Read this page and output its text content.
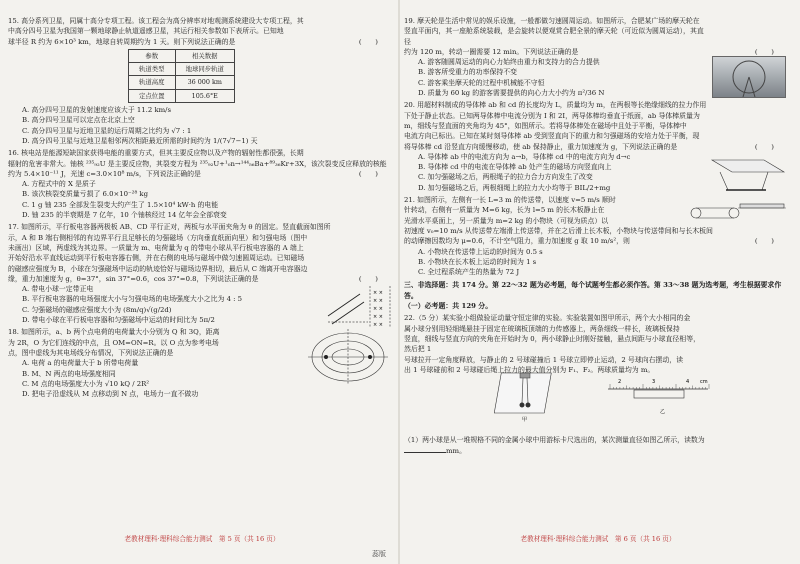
15. 高分系列卫星，同属十高分专项工程。该工程会为高分辨率对地观测系统建设大专项工程，其

中高分四号卫星为我国第一颗地球静止轨道遥感卫星，其运行相关参数如下表所示。已知地

球半径 R 约为 6×10³ km，地球自转周期约为 1 天。则下列说法正确的是	(　　)

参数	相关数据
轨道类型	地球同步轨道
轨道高度	36 000 km
定点位置	105.6°E

A. 高分四号卫星的发射速度应该大于 11.2 km/s

B. 高分四号卫星可以定点在北京上空

C. 高分四号卫星与近地卫星的运行周期之比约为 √7 : 1

D. 高分四号卫星与近地卫星相邻两次相距最近所需的时间约为 1/(7√7−1) 天

16. 核电站是能源短缺国家获得电能的重要方式，但其主要反应物以及产物的辐射性都很强，长期

辐射的危害非常大。铀核 ²³⁵₉₂U 是主要反应物，其裂变方程为 ²³⁵₉₂U+¹₀n→¹⁴⁴₅₆Ba+⁸⁹₃₆Kr+3X，该次裂变反应释放的核能

约为 5.4×10⁻¹¹ J，光速 c=3.0×10⁸ m/s，下列说法正确的是	(　　)

A. 方程式中的 X 是质子

B. 该次核裂变质量亏损了 6.0×10⁻²⁸ kg

C. 1 g 铀 235 全部发生裂变大约产生了 1.5×10⁴ kW·h 的电能

D. 铀 235 的半衰期是 7 亿年，10 个铀核经过 14 亿年会全部衰变

17. 如图所示，平行板电容器两极板 AB、CD 平行正对，两板与水平面夹角为 θ 的固定。竖直截面如图所

示，A 和 B 端右侧相邻的有边界平行且足够长的匀强磁场（方向垂直纸面向里）和匀强电场（图中

未画出）区域，两虚线为其边界。一质量为 m、电荷量为 q 的带电小球从平行板电容器的 A 端上

开始好沿水平直线运动到平行板电容器右侧，并在右侧的电场与磁场中做匀速圆周运动。已知磁场

的磁感应强度为 B，小球在匀强磁场中运动的轨迹恰好与磁场边界相切，最后从 C 端离开电容器边

缘，重力加速度为 g，θ=37°，sin 37°=0.6，cos 37°=0.8，下列说法正确的是	(　　)

A. 带电小球一定带正电

B. 平行板电容器的电场强度大小与匀强电场的电场强度大小之比为 4 : 5

C. 匀强磁场的磁感应强度大小为 (8m/q)√(g/2d)

D. 带电小球在平行板电容器和匀强磁场中运动的时间比为 5π/2

× ×
× ×
× ×
× ×
× ×

18. 如图所示，a、b 两个点电荷的电荷量大小分别为 Q 和 3Q，距离

为 2R，O 为它们连线的中点，且 OM=ON=R。以 O 点为参考电场

点，图中虚线为其电场线分布情况，下列说法正确的是

A. 电荷 a 的电荷量大于 b 所带电荷量

B. M、N 两点的电场强度相同

C. M 点的电场强度大小为 √10 kQ / 2R²

D. 把电子沿虚线从 M 点移动到 N 点，电场力一直不做功

老教材理科·理科综合能力测试　第 5 页（共 16 页）

19. 摩天轮是生活中常见的娱乐设施，一般都做匀速圆周运动。如图所示，合肥某广场的摩天轮在

竖直平面内，其一座舱系统装载，是会旋转以便观赏合肥全景的摩天轮（可近似为圆周运动），其直径

约为 120 m，转动一圈需要 12 min。下列说法正确的是	(　　)

A. 游客随圆周运动的向心力始终由重力和支持力的合力提供

B. 游客所受重力的功率保持不变

C. 游客乘坐摩天轮的过程中机械能不守恒

D. 质量为 60 kg 的游客需要提供的向心力大小约为 π²/36 N

20. 用超材料制成的导体棒 ab 和 cd 的长度均为 L，质量均为 m，在两根等长绝缘细线的拉力作用

下处于静止状态。已知两导体棒中电流分别为 I 和 2I，两导体棒均垂直于纸面，ab 导体棒质量为

m，细线与竖直面的夹角均为 45°，如图所示。若将导体棒处在磁场中且处于平衡，导体棒中

电流方向已标出。已知在某时刻导体棒 ab 受到竖直向下的重力和匀强磁场的安培力处于平衡，现

将导体棒 cd 沿竖直方向缓慢移动，使 ab 保持静止，重力加速度为 g，下列说法正确的是	(　　)

A. 导体棒 ab 中的电流方向为 a→b，导体棒 cd 中的电流方向为 d→c

B. 导体棒 cd 中的电流在导体棒 ab 处产生的磁场方向竖直向上

C. 加匀强磁场之后，两根绳子的拉力合力方向发生了改变

D. 加匀强磁场之后，两根细绳上的拉力大小均等于 BIL/2+mg

21. 如图所示，左侧有一长 L=3 m 的传送带，以速度 v=5 m/s 顺时

针转动，右侧有一质量为 M=6 kg，长为 l=5 m 的长木板静止在

光滑水平桌面上，另一质量为 m=2 kg 的小物块（可视为质点）以

初速度 v₀=10 m/s 从传送带左端滑上传送带，并在之后滑上长木板，小物块与传送带间和与长木板间

的动摩擦因数均为 μ=0.6，不计空气阻力，重力加速度 g 取 10 m/s²，则	(　　)

A. 小物块在传送带上运动的时间为 0.5 s

B. 小物块在长木板上运动的时间为 1 s

C. 全过程系统产生的热量为 72 J

三、非选择题：共 174 分。第 22～32 题为必考题，每个试题考生都必须作答。第 33～38 题为选考题，考生根据要求作答。

（一）必考题：共 129 分。

22.（5 分）某实验小组做验证动量守恒定律的实验。实验装置如图甲所示，两个大小相同的金

属小球分别用轻细绳悬挂于固定在玻璃板顶端的力传感器上，两条细线一样长，玻璃板保持

竖直，细线与竖直方向的夹角在开始时为 0，两小球静止时刚好接触，悬点间距与小球直径相等，然后把 1

号球拉开一定角度释放，与静止的 2 号球碰撞后 1 号球立即停止运动，2 号球向右摆动，读

出 1 号球碰前和 2 号球碰后绳上拉力的最大值分别为 F₁、F₂。两球质量均为 m。

甲
2	3	4 cm
乙

（1）两小球是从一堆规格不同的金属小球中用游标卡尺选出的，某次测量直径如图乙所示，读数为

mm。

老教材理科·理科综合能力测试　第 6 页（共 16 页）
蕊版
